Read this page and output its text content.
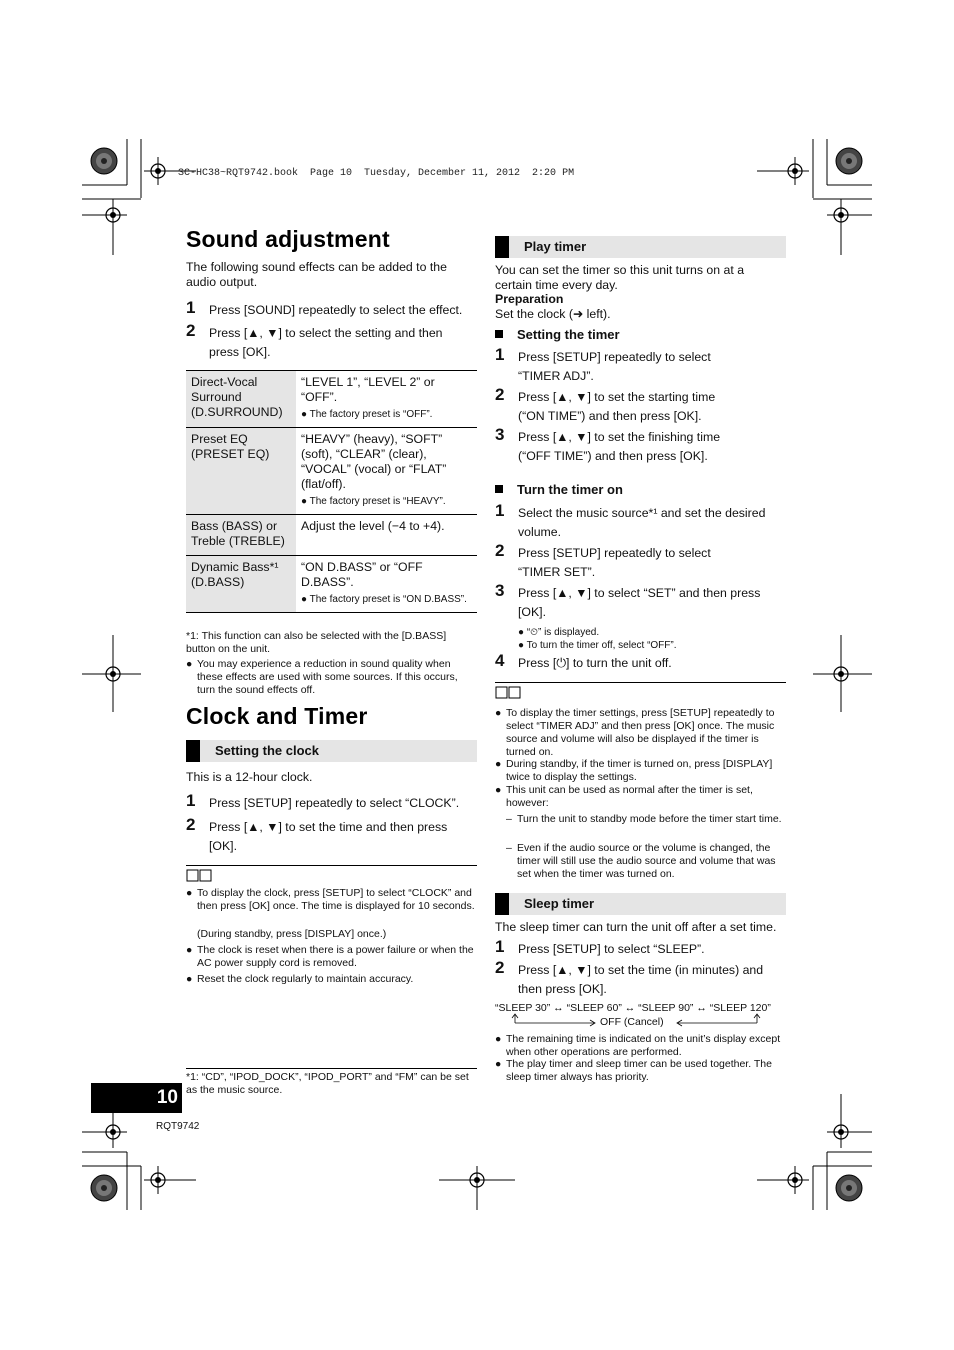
SC-HC38~RQT9742.book  Page 10  Tuesday, December 11, 2012  2:20 PM
Sound adjustment
The following sound effects can be added to the audio output.
1 Press [SOUND] repeatedly to select the effect.
2 Press [▲, ▼] to select the setting and then press [OK].
Direct-Vocal Surround (D.SURROUND)	“LEVEL 1”, “LEVEL 2” or “OFF”.
● The factory preset is “OFF”.

Preset EQ (PRESET EQ)	“HEAVY” (heavy), “SOFT” (soft), “CLEAR” (clear), “VOCAL” (vocal) or “FLAT” (flat/off).
● The factory preset is “HEAVY”.

Bass (BASS) or Treble (TREBLE)	Adjust the level (−4 to +4).
Dynamic Bass*¹ (D.BASS)	“ON D.BASS” or “OFF D.BASS”.
● The factory preset is “ON D.BASS”.
*1: This function can also be selected with the [D.BASS] button on the unit.
● You may experience a reduction in sound quality when these effects are used with some sources. If this occurs, turn the sound effects off.
Clock and Timer
Setting the clock
This is a 12-hour clock.
1 Press [SETUP] repeatedly to select “CLOCK”.
2 Press [▲, ▼] to set the time and then press [OK].
● To display the clock, press [SETUP] to select “CLOCK” and then press [OK] once. The time is displayed for 10 seconds.
(During standby, press [DISPLAY] once.)
● The clock is reset when there is a power failure or when the AC power supply cord is removed.
● Reset the clock regularly to maintain accuracy.
*1: “CD”, “IPOD_DOCK”, “IPOD_PORT” and “FM” can be set as the music source.
10
RQT9742
Play timer
You can set the timer so this unit turns on at a certain time every day.
Preparation
Set the clock (➜ left).
Setting the timer
1 Press [SETUP] repeatedly to select “TIMER ADJ”.
2 Press [▲, ▼] to set the starting time (“ON TIME”) and then press [OK].
3 Press [▲, ▼] to set the finishing time (“OFF TIME”) and then press [OK].
Turn the timer on
1 Select the music source*¹ and set the desired volume.
2 Press [SETUP] repeatedly to select “TIMER SET”.
3 Press [▲, ▼] to select “SET” and then press [OK].
● “⏲” is displayed.
● To turn the timer off, select “OFF”.
4 Press [⏻] to turn the unit off.
● To display the timer settings, press [SETUP] repeatedly to select “TIMER ADJ” and then press [OK] once. The music source and volume will also be displayed if the timer is turned on.
● During standby, if the timer is turned on, press [DISPLAY] twice to display the settings.
● This unit can be used as normal after the timer is set, however:
– Turn the unit to standby mode before the timer start time.
– Even if the audio source or the volume is changed, the timer will still use the audio source and volume that was set when the timer was turned on.
Sleep timer
The sleep timer can turn the unit off after a set time.
1 Press [SETUP] to select “SLEEP”.
2 Press [▲, ▼] to set the time (in minutes) and then press [OK].
“SLEEP 30” ↔ “SLEEP 60” ↔ “SLEEP 90” ↔ “SLEEP 120”
OFF (Cancel)
● The remaining time is indicated on the unit’s display except when other operations are performed.
● The play timer and sleep timer can be used together. The sleep timer always has priority.
